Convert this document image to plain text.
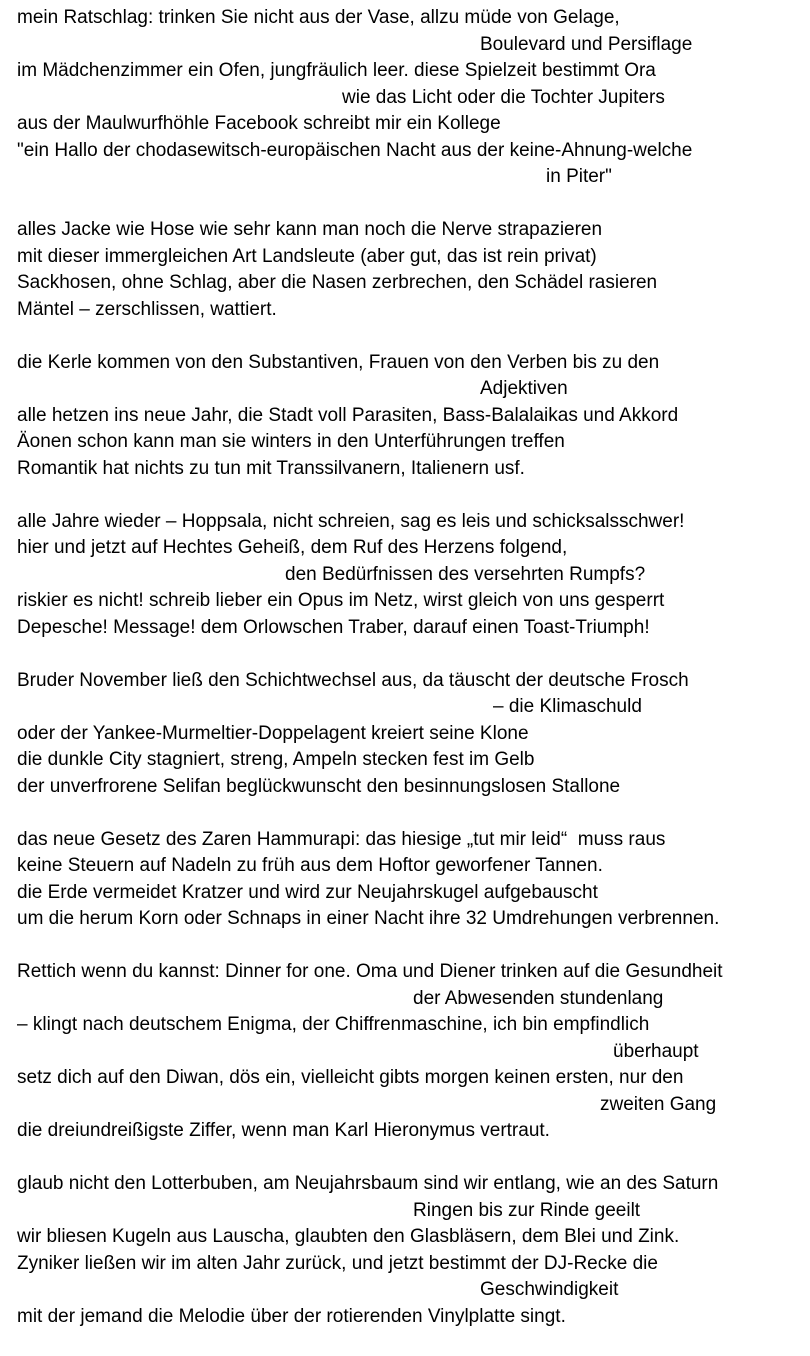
mein Ratschlag: trinken Sie nicht aus der Vase, allzu müde von Gelage,
Boulevard und Persiflage
im Mädchenzimmer ein Ofen, jungfräulich leer. diese Spielzeit bestimmt Ora
wie das Licht oder die Tochter Jupiters
aus der Maulwurfhöhle Facebook schreibt mir ein Kollege
"ein Hallo der chodasewitsch-europäischen Nacht aus der keine-Ahnung-welche
in Piter"
alles Jacke wie Hose wie sehr kann man noch die Nerve strapazieren
mit dieser immergleichen Art Landsleute (aber gut, das ist rein privat)
Sackhosen, ohne Schlag, aber die Nasen zerbrechen, den Schädel rasieren
Mäntel – zerschlissen, wattiert.
die Kerle kommen von den Substantiven, Frauen von den Verben bis zu den
Adjektiven
alle hetzen ins neue Jahr, die Stadt voll Parasiten, Bass-Balalaikas und Akkord
Äonen schon kann man sie winters in den Unterführungen treffen
Romantik hat nichts zu tun mit Transsilvanern, Italienern usf.
alle Jahre wieder – Hoppsala, nicht schreien, sag es leis und schicksalsschwer!
hier und jetzt auf Hechtes Geheiß, dem Ruf des Herzens folgend,
den Bedürfnissen des versehrten Rumpfs?
riskier es nicht! schreib lieber ein Opus im Netz, wirst gleich von uns gesperrt
Depesche! Message! dem Orlowschen Traber, darauf einen Toast-Triumph!
Bruder November ließ den Schichtwechsel aus, da täuscht der deutsche Frosch
– die Klimaschuld
oder der Yankee-Murmeltier-Doppelagent kreiert seine Klone
die dunkle City stagniert, streng, Ampeln stecken fest im Gelb
der unverfrorene Selifan beglückwunscht den besinnungslosen Stallone
das neue Gesetz des Zaren Hammurapi: das hiesige „tut mir leid“  muss raus
keine Steuern auf Nadeln zu früh aus dem Hoftor geworfener Tannen.
die Erde vermeidet Kratzer und wird zur Neujahrskugel aufgebauscht
um die herum Korn oder Schnaps in einer Nacht ihre 32 Umdrehungen verbrennen.
Rettich wenn du kannst: Dinner for one. Oma und Diener trinken auf die Gesundheit
der Abwesenden stundenlang
– klingt nach deutschem Enigma, der Chiffrenmaschine, ich bin empfindlich
überhaupt
setz dich auf den Diwan, dös ein, vielleicht gibts morgen keinen ersten, nur den
zweiten Gang
die dreiundreißigste Ziffer, wenn man Karl Hieronymus vertraut.
glaub nicht den Lotterbuben, am Neujahrsbaum sind wir entlang, wie an des Saturn
Ringen bis zur Rinde geeilt
wir bliesen Kugeln aus Lauscha, glaubten den Glasbläsern, dem Blei und Zink.
Zyniker ließen wir im alten Jahr zurück, und jetzt bestimmt der DJ-Recke die
Geschwindigkeit
mit der jemand die Melodie über der rotierenden Vinylplatte singt.
